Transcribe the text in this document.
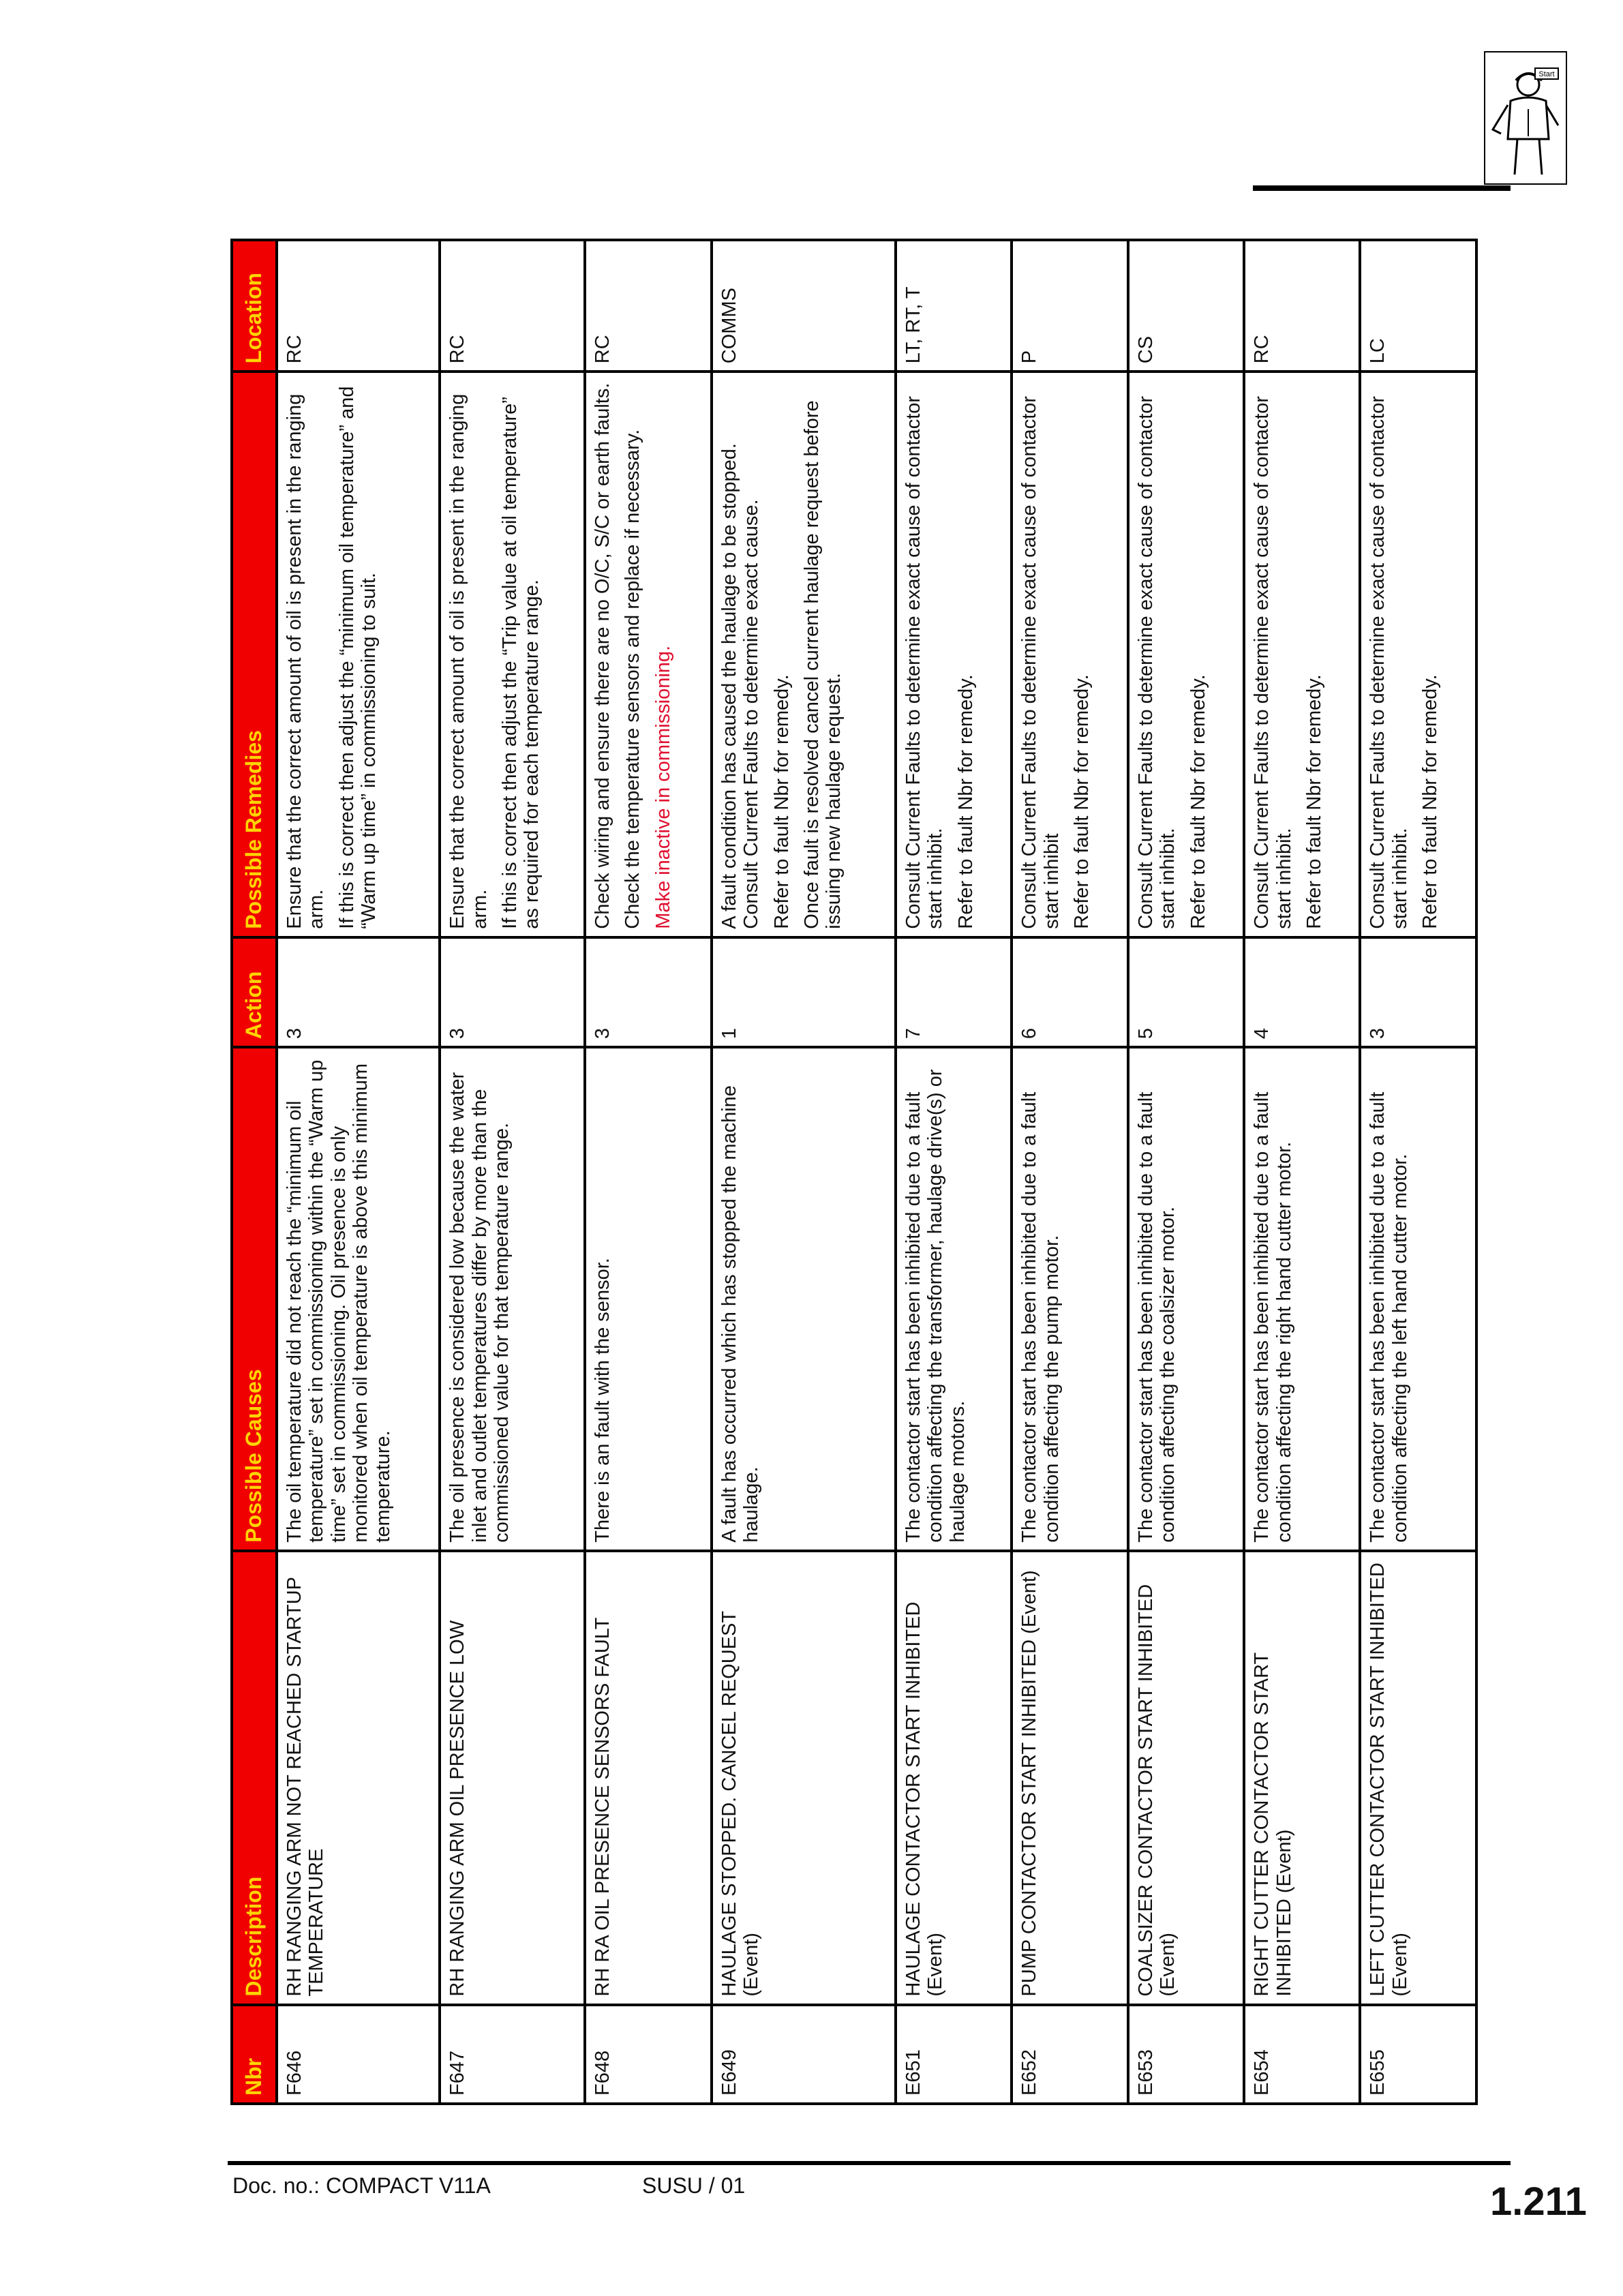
Start
Nbr	Description	Possible Causes	Action	Possible Remedies	Location
F646	RH RANGING ARM NOT REACHED STARTUP TEMPERATURE	The oil temperature did not reach the “minimum oil temperature” set in commissioning within the “Warm up time” set in commissioning. Oil presence is only monitored when oil temperature is above this minimum temperature.	3	Ensure that the correct amount of oil is present in the ranging arm. If this is correct then adjust the “minimum oil temperature” and “Warm up time” in commissioning to suit.	RC
F647	RH RANGING ARM OIL PRESENCE LOW	The oil presence is considered low because the water inlet and outlet temperatures differ by more than the commissioned value for that temperature range.	3	Ensure that the correct amount of oil is present in the ranging arm. If this is correct then adjust the “Trip value at oil temperature” as required for each temperature range.	RC
F648	RH RA OIL PRESENCE SENSORS FAULT	There is an fault with the sensor.	3	Check wiring and ensure there are no O/C, S/C or earth faults. Check the temperature sensors and replace if necessary. Make inactive in commissioning.	RC
E649	HAULAGE STOPPED. CANCEL REQUEST (Event)	A fault has occurred which has stopped the machine haulage.	1	A fault condition has caused the haulage to be stopped. Consult Current Faults to determine exact cause. Refer to fault Nbr for remedy. Once fault is resolved cancel current haulage request before issuing new haulage request.	COMMS
E651	HAULAGE CONTACTOR START INHIBITED (Event)	The contactor start has been inhibited due to a fault condition affecting the transformer, haulage drive(s) or haulage motors.	7	Consult Current Faults to determine exact cause of contactor start inhibit. Refer to fault Nbr for remedy.	LT, RT, T
E652	PUMP CONTACTOR START INHIBITED (Event)	The contactor start has been inhibited due to a fault condition affecting the pump motor.	6	Consult Current Faults to determine exact cause of contactor start inhibit Refer to fault Nbr for remedy.	P
E653	COALSIZER CONTACTOR START INHIBITED (Event)	The contactor start has been inhibited due to a fault condition affecting the coalsizer motor.	5	Consult Current Faults to determine exact cause of contactor start inhibit. Refer to fault Nbr for remedy.	CS
E654	RIGHT CUTTER CONTACTOR START INHIBITED (Event)	The contactor start has been inhibited due to a fault condition affecting the right hand cutter motor.	4	Consult Current Faults to determine exact cause of contactor start inhibit. Refer to fault Nbr for remedy.	RC
E655	LEFT CUTTER CONTACTOR START INHIBITED (Event)	The contactor start has been inhibited due to a fault condition affecting the left hand cutter motor.	3	Consult Current Faults to determine exact cause of contactor start inhibit. Refer to fault Nbr for remedy.	LC
Doc. no.: COMPACT V11A	SUSU / 01	1.211
